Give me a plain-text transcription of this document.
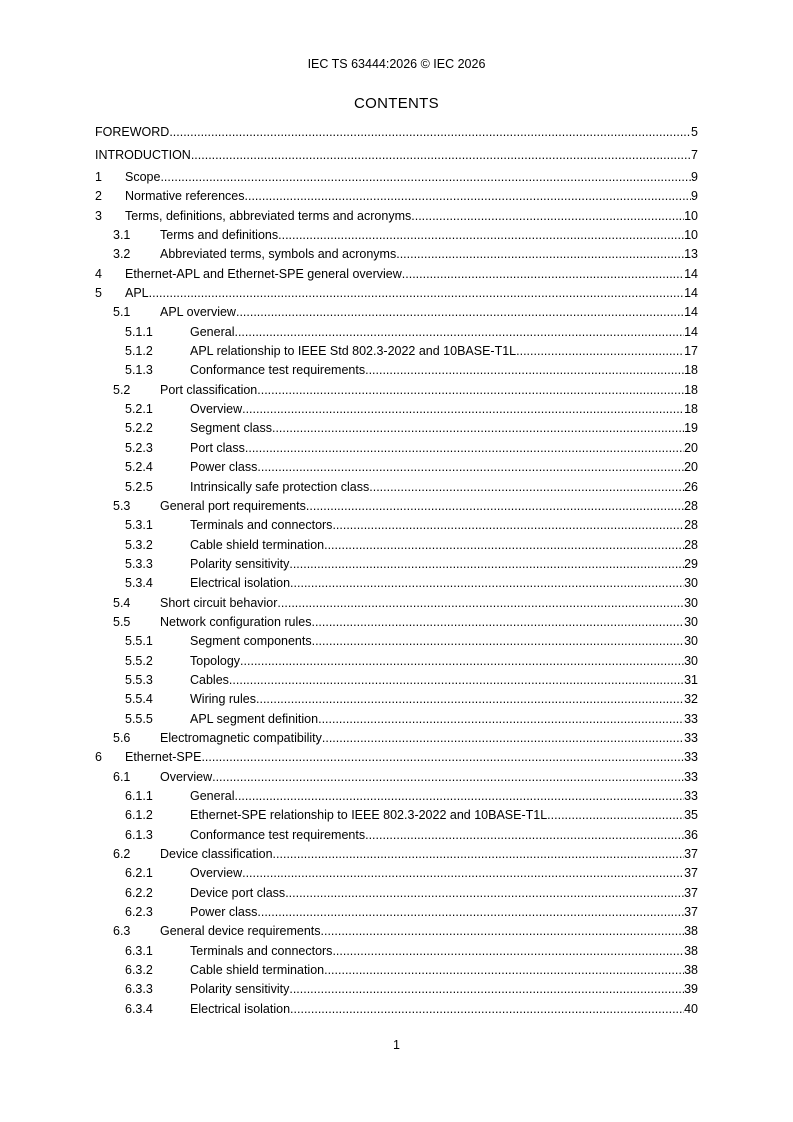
IEC TS 63444:2026 © IEC 2026
CONTENTS
FOREWORD .....	5
INTRODUCTION .....	7
1	Scope .....	9
2	Normative references .....	9
3	Terms, definitions, abbreviated terms and acronyms .....	10
3.1	Terms and definitions .....	10
3.2	Abbreviated terms, symbols and acronyms .....	13
4	Ethernet-APL and Ethernet-SPE general overview .....	14
5	APL .....	14
5.1	APL overview .....	14
5.1.1	General .....	14
5.1.2	APL relationship to IEEE Std 802.3-2022 and 10BASE-T1L .....	17
5.1.3	Conformance test requirements .....	18
5.2	Port classification .....	18
5.2.1	Overview .....	18
5.2.2	Segment class .....	19
5.2.3	Port class .....	20
5.2.4	Power class .....	20
5.2.5	Intrinsically safe protection class .....	26
5.3	General port requirements .....	28
5.3.1	Terminals and connectors .....	28
5.3.2	Cable shield termination .....	28
5.3.3	Polarity sensitivity .....	29
5.3.4	Electrical isolation .....	30
5.4	Short circuit behavior .....	30
5.5	Network configuration rules .....	30
5.5.1	Segment components .....	30
5.5.2	Topology .....	30
5.5.3	Cables .....	31
5.5.4	Wiring rules .....	32
5.5.5	APL segment definition .....	33
5.6	Electromagnetic compatibility .....	33
6	Ethernet-SPE .....	33
6.1	Overview .....	33
6.1.1	General .....	33
6.1.2	Ethernet-SPE relationship to IEEE 802.3-2022 and 10BASE-T1L .....	35
6.1.3	Conformance test requirements .....	36
6.2	Device classification .....	37
6.2.1	Overview .....	37
6.2.2	Device port class .....	37
6.2.3	Power class .....	37
6.3	General device requirements .....	38
6.3.1	Terminals and connectors .....	38
6.3.2	Cable shield termination .....	38
6.3.3	Polarity sensitivity .....	39
6.3.4	Electrical isolation .....	40
1
